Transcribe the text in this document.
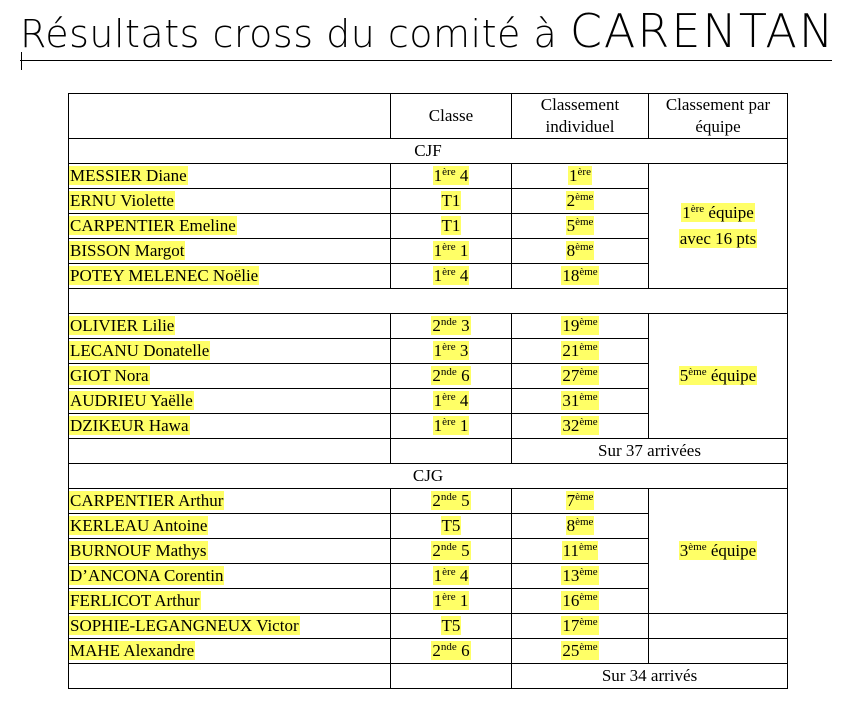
Résultats cross du comité à CARENTAN
	Classe	Classement individuel	Classement par équipe
CJF			
MESSIER Diane	1ère 4	1ère	1ère équipe
avec 16 pts
ERNU Violette	T1	2ème
CARPENTIER Emeline	T1	5ème
BISSON Margot	1ère 1	8ème
POTEY MELENEC Noëlie	1ère 4	18ème

OLIVIER Lilie	2nde 3	19ème	5ème équipe
LECANU Donatelle	1ère 3	21ème
GIOT Nora	2nde 6	27ème
AUDRIEU Yaëlle	1ère 4	31ème
DZIKEUR Hawa	1ère 1	32ème
		Sur 37 arrivées	
CJG			
CARPENTIER Arthur	2nde 5	7ème	3ème équipe
KERLEAU Antoine	T5	8ème
BURNOUF Mathys	2nde 5	11ème
D’ANCONA Corentin	1ère 4	13ème
FERLICOT Arthur	1ère 1	16ème
SOPHIE-LEGANGNEUX Victor	T5	17ème	
MAHE Alexandre	2nde 6	25ème	
		Sur 34 arrivés	
